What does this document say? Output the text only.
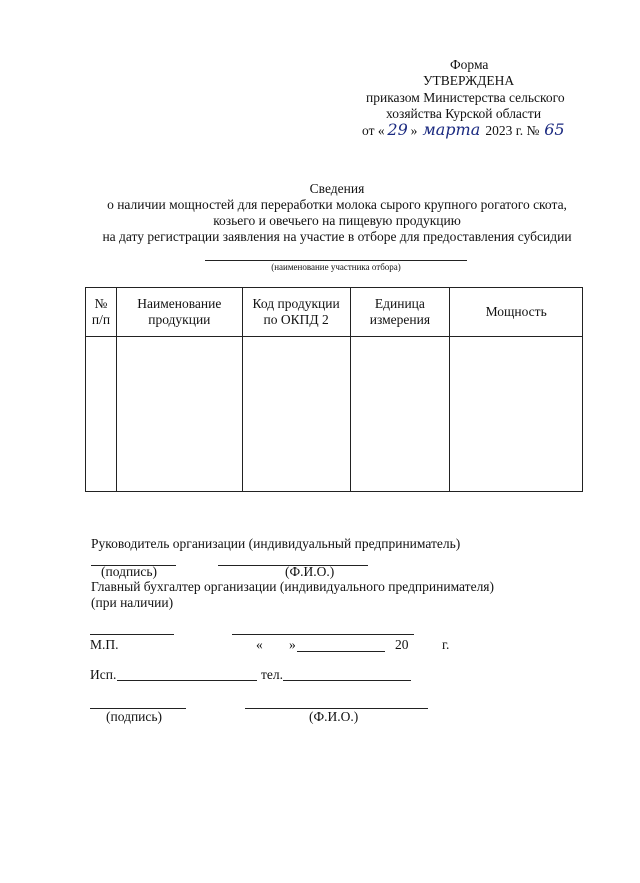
Форма
УТВЕРЖДЕНА
приказом Министерства сельского
хозяйства Курской области
от « 29 » марта 2023 г. № 65
Сведения
о наличии мощностей для переработки молока сырого крупного рогатого скота,
козьего и овечьего на пищевую продукцию
на дату регистрации заявления на участие в отборе для предоставления субсидии
(наименование участника отбора)
№ п/п	Наименование продукции	Код продукции по ОКПД 2	Единица измерения	Мощность

Руководитель организации (индивидуальный предприниматель)
(подпись)	(Ф.И.О.)
Главный бухгалтер организации (индивидуального предпринимателя)
(при наличии)
М.П.	« »	20 г.
Исп.	тел.
(подпись)	(Ф.И.О.)
